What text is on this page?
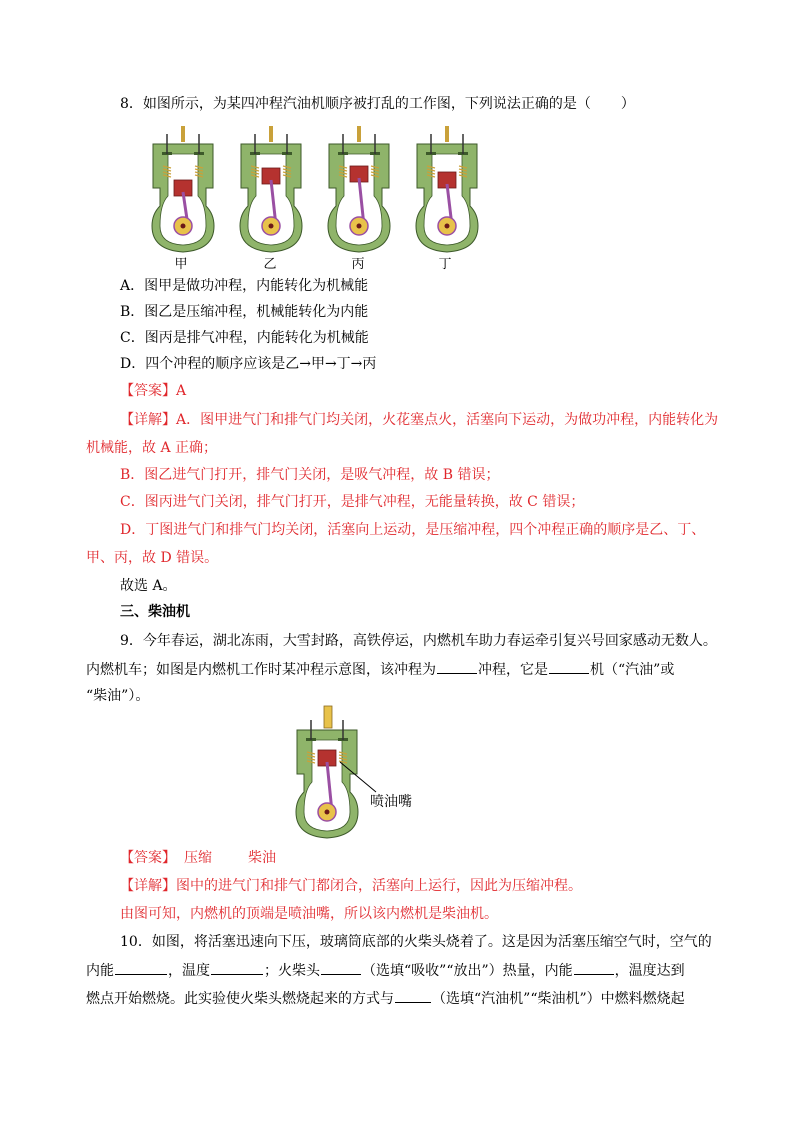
8．如图所示，为某四冲程汽油机顺序被打乱的工作图，下列说法正确的是（ ）
甲	乙	丙	丁
A．图甲是做功冲程，内能转化为机械能
B．图乙是压缩冲程，机械能转化为内能
C．图丙是排气冲程，内能转化为机械能
D．四个冲程的顺序应该是乙→甲→丁→丙
【答案】A
【详解】A．图甲进气门和排气门均关闭，火花塞点火，活塞向下运动，为做功冲程，内能转化为
机械能，故 A 正确；
B．图乙进气门打开，排气门关闭，是吸气冲程，故 B 错误；
C．图丙进气门关闭，排气门打开，是排气冲程，无能量转换，故 C 错误；
D．丁图进气门和排气门均关闭，活塞向上运动，是压缩冲程，四个冲程正确的顺序是乙、丁、
甲、丙，故 D 错误。
故选 A。
三、柴油机
9．今年春运，湖北冻雨，大雪封路，高铁停运，内燃机车助力春运牵引复兴号回家感动无数人。
内燃机车；如图是内燃机工作时某冲程示意图，该冲程为	冲程，它是	机（“汽油”或
“柴油”）。
喷油嘴
【答案】 压缩	柴油
【详解】图中的进气门和排气门都闭合，活塞向上运行，因此为压缩冲程。
由图可知，内燃机的顶端是喷油嘴，所以该内燃机是柴油机。
10．如图，将活塞迅速向下压，玻璃筒底部的火柴头烧着了。这是因为活塞压缩空气时，空气的
内能	，温度	；火柴头	（选填“吸收”“放出”）热量，内能	，温度达到
燃点开始燃烧。此实验使火柴头燃烧起来的方式与	（选填“汽油机”“柴油机”）中燃料燃烧起
